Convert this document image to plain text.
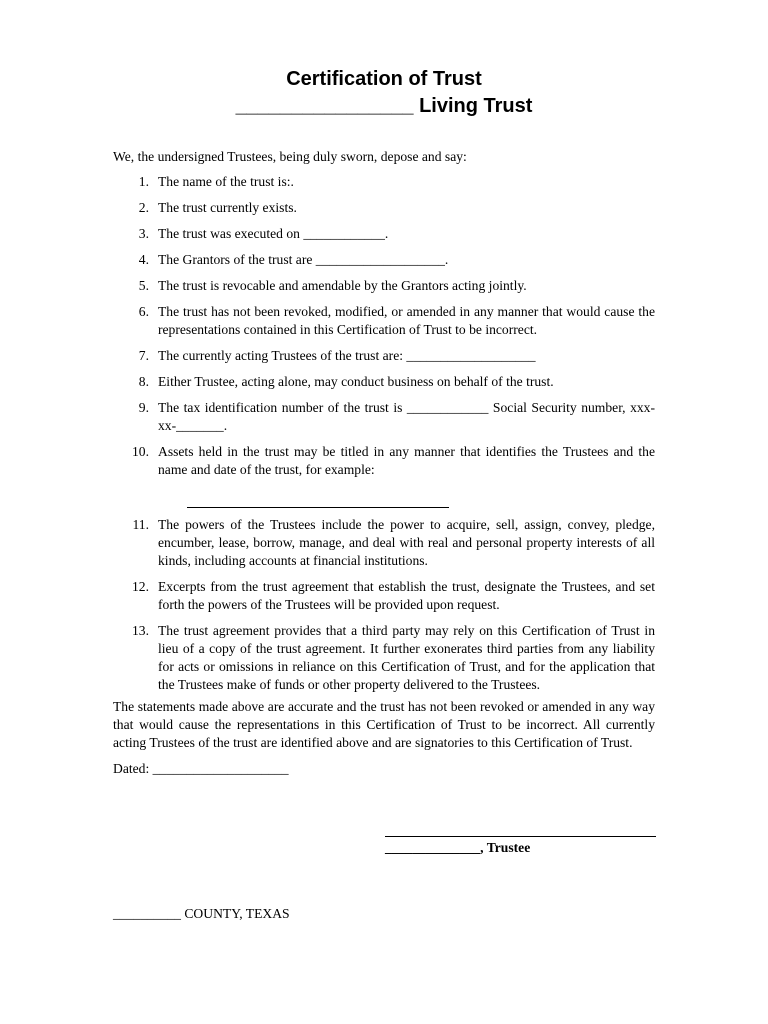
Certification of Trust
________________ Living Trust

We, the undersigned Trustees, being duly sworn, depose and say:

1. The name of the trust is:.
2. The trust currently exists.
3. The trust was executed on ____________.
4. The Grantors of the trust are ___________________.
5. The trust is revocable and amendable by the Grantors acting jointly.
6. The trust has not been revoked, modified, or amended in any manner that would cause the representations contained in this Certification of Trust to be incorrect.
7. The currently acting Trustees of the trust are: ___________________
8. Either Trustee, acting alone, may conduct business on behalf of the trust.
9. The tax identification number of the trust is ____________ Social Security number, xxx-xx-_______.
10. Assets held in the trust may be titled in any manner that identifies the Trustees and the name and date of the trust, for example:
11. The powers of the Trustees include the power to acquire, sell, assign, convey, pledge, encumber, lease, borrow, manage, and deal with real and personal property interests of all kinds, including accounts at financial institutions.
12. Excerpts from the trust agreement that establish the trust, designate the Trustees, and set forth the powers of the Trustees will be provided upon request.
13. The trust agreement provides that a third party may rely on this Certification of Trust in lieu of a copy of the trust agreement. It further exonerates third parties from any liability for acts or omissions in reliance on this Certification of Trust, and for the application that the Trustees make of funds or other property delivered to the Trustees.

The statements made above are accurate and the trust has not been revoked or amended in any way that would cause the representations in this Certification of Trust to be incorrect. All currently acting Trustees of the trust are identified above and are signatories to this Certification of Trust.

Dated: ____________________
______________, Trustee
__________ COUNTY, TEXAS
